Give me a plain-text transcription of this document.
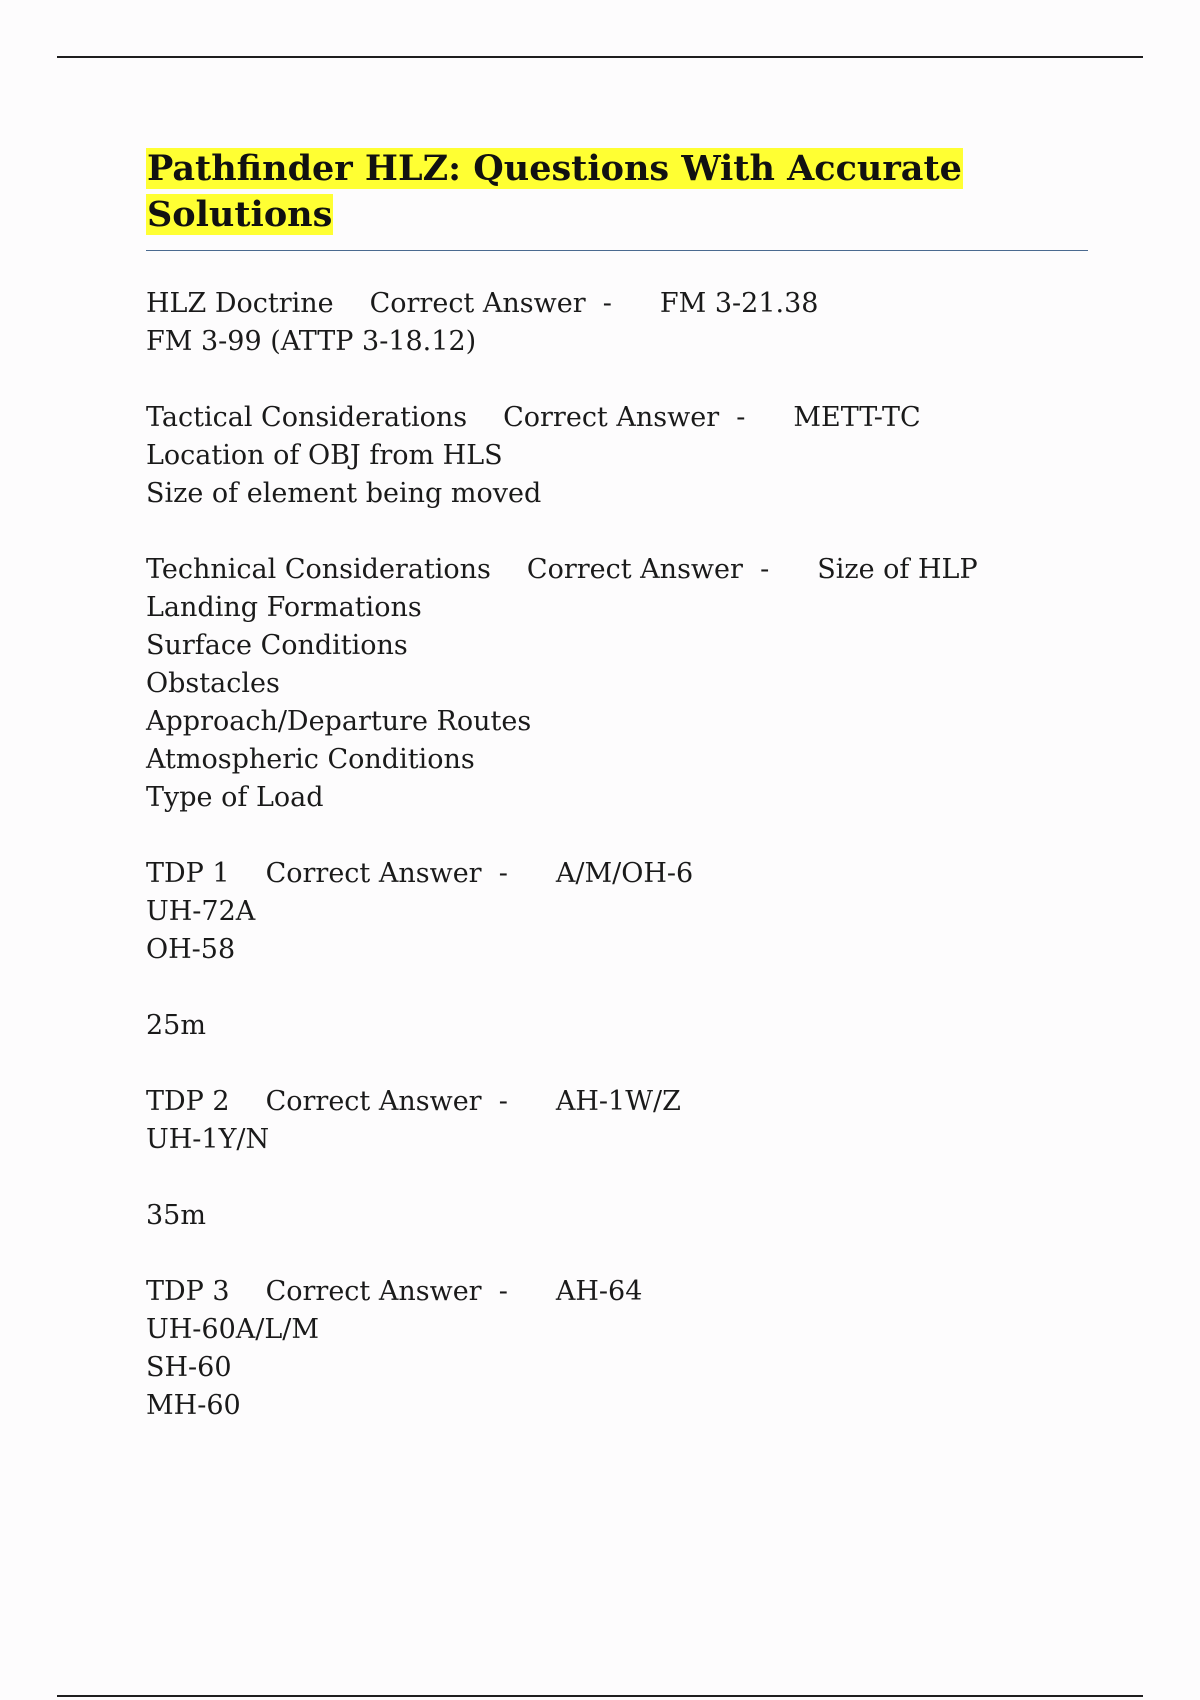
Pathfinder HLZ: Questions With Accurate
Solutions
HLZ Doctrine Correct Answer  - FM 3-21.38
FM 3-99 (ATTP 3-18.12)
Tactical Considerations Correct Answer  - METT-TC
Location of OBJ from HLS
Size of element being moved
Technical Considerations Correct Answer  - Size of HLP
Landing Formations
Surface Conditions
Obstacles
Approach/Departure Routes
Atmospheric Conditions
Type of Load
TDP 1 Correct Answer  - A/M/OH-6
UH-72A
OH-58
25m
TDP 2 Correct Answer  - AH-1W/Z
UH-1Y/N
35m
TDP 3 Correct Answer  - AH-64
UH-60A/L/M
SH-60
MH-60
